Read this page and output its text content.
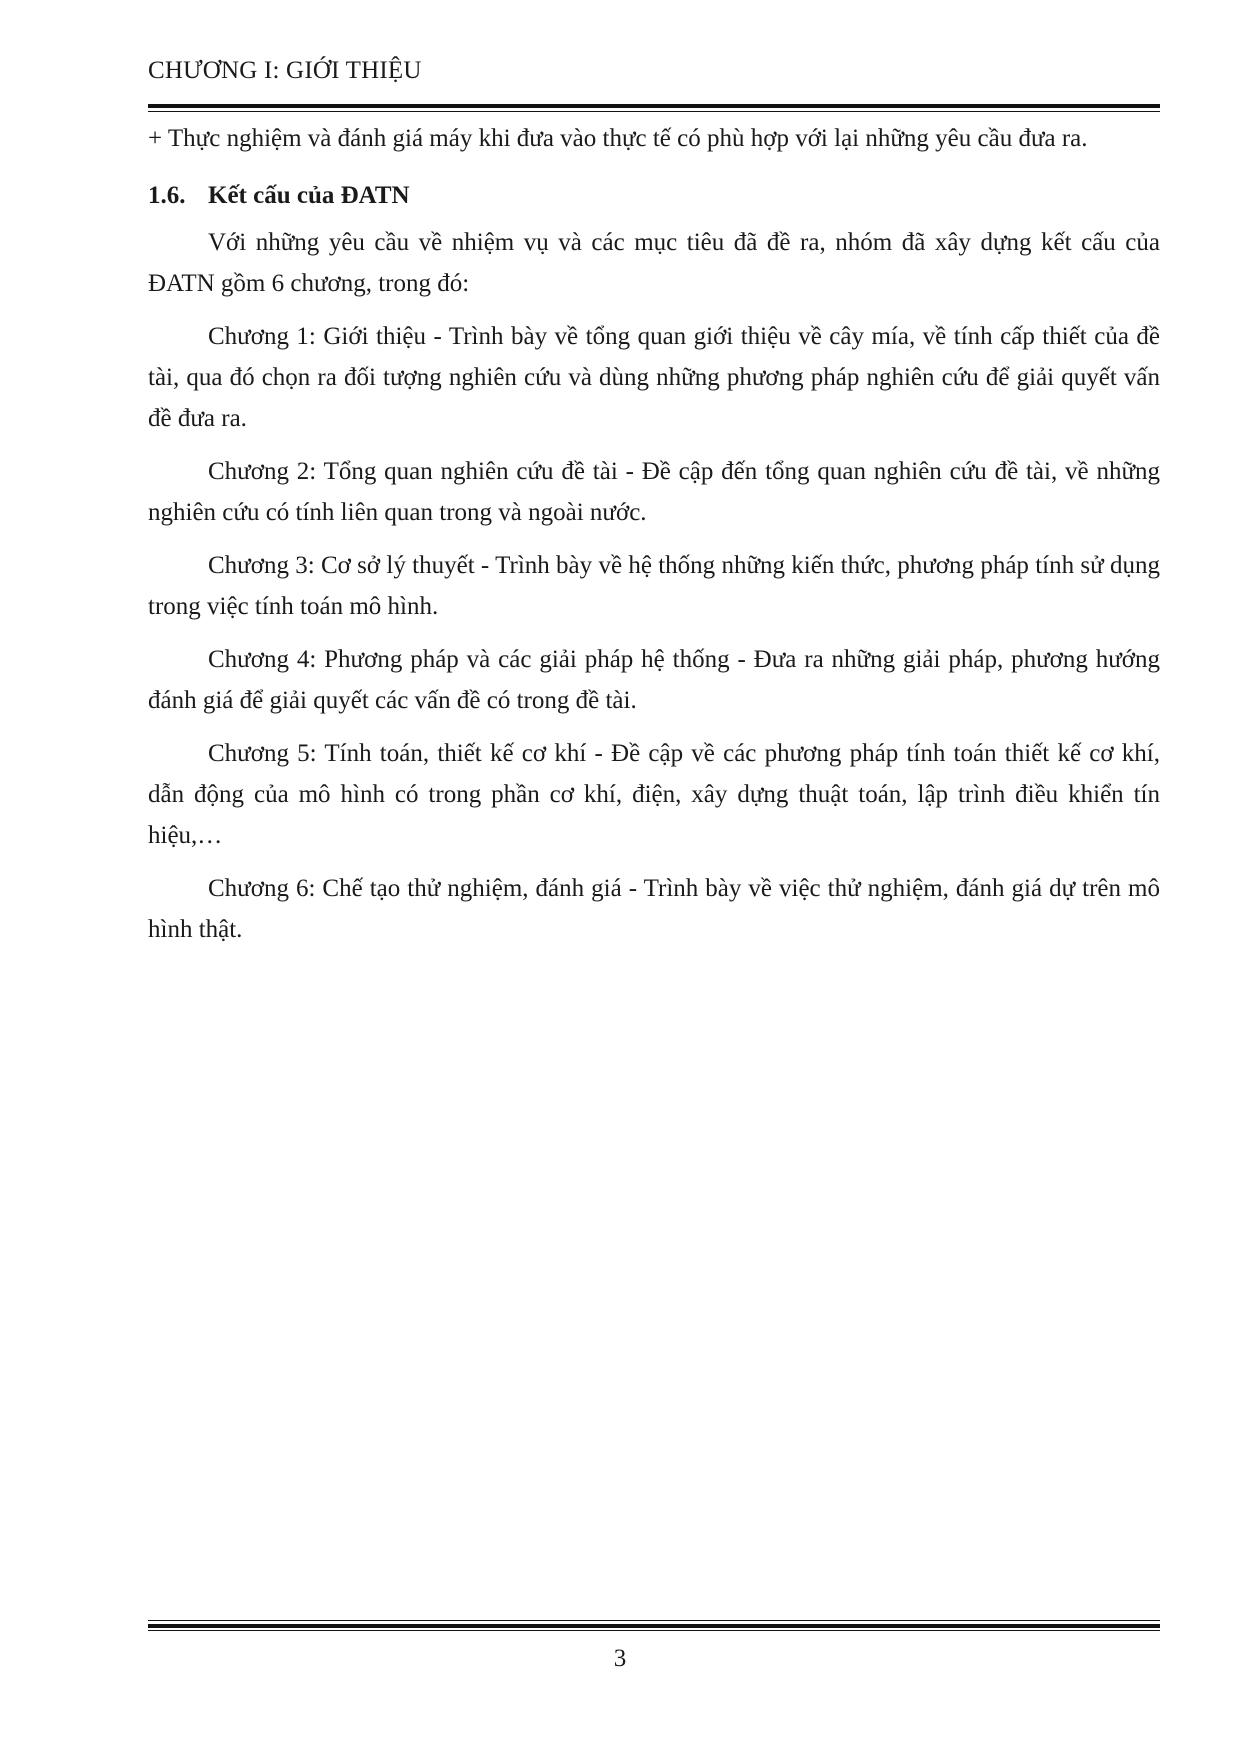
CHƯƠNG I: GIỚI THIỆU

+ Thực nghiệm và đánh giá máy khi đưa vào thực tế có phù hợp với lại những yêu cầu đưa ra.

1.6. Kết cấu của ĐATN

Với những yêu cầu về nhiệm vụ và các mục tiêu đã đề ra, nhóm đã xây dựng kết cấu của ĐATN gồm 6 chương, trong đó:

Chương 1: Giới thiệu - Trình bày về tổng quan giới thiệu về cây mía, về tính cấp thiết của đề tài, qua đó chọn ra đối tượng nghiên cứu và dùng những phương pháp nghiên cứu để giải quyết vấn đề đưa ra.

Chương 2: Tổng quan nghiên cứu đề tài - Đề cập đến tổng quan nghiên cứu đề tài, về những nghiên cứu có tính liên quan trong và ngoài nước.

Chương 3: Cơ sở lý thuyết - Trình bày về hệ thống những kiến thức, phương pháp tính sử dụng trong việc tính toán mô hình.

Chương 4: Phương pháp và các giải pháp hệ thống - Đưa ra những giải pháp, phương hướng đánh giá để giải quyết các vấn đề có trong đề tài.

Chương 5: Tính toán, thiết kế cơ khí - Đề cập về các phương pháp tính toán thiết kế cơ khí, dẫn động của mô hình có trong phần cơ khí, điện, xây dựng thuật toán, lập trình điều khiển tín hiệu,…

Chương 6: Chế tạo thử nghiệm, đánh giá - Trình bày về việc thử nghiệm, đánh giá dự trên mô hình thật.

3
